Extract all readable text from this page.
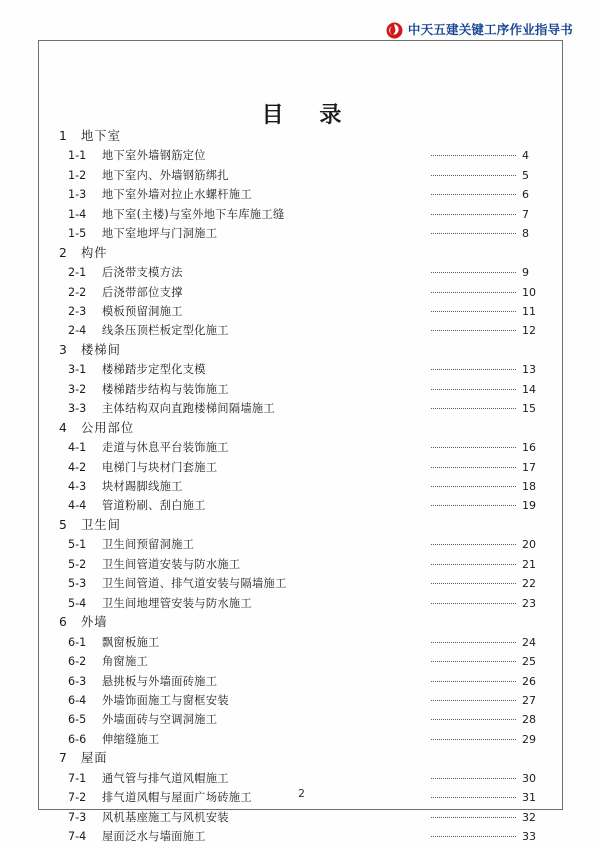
中天五建关键工序作业指导书
目 录
1 地下室
1-1	地下室外墙钢筋定位	4
1-2	地下室内、外墙钢筋绑扎	5
1-3	地下室外墙对拉止水螺杆施工	6
1-4	地下室(主楼)与室外地下车库施工缝	7
1-5	地下室地坪与门洞施工	8
2 构件
2-1	后浇带支模方法	9
2-2	后浇带部位支撑	10
2-3	模板预留洞施工	11
2-4	线条压顶栏板定型化施工	12
3 楼梯间
3-1	楼梯踏步定型化支模	13
3-2	楼梯踏步结构与装饰施工	14
3-3	主体结构双向直跑楼梯间隔墙施工	15
4 公用部位
4-1	走道与休息平台装饰施工	16
4-2	电梯门与块材门套施工	17
4-3	块材踢脚线施工	18
4-4	管道粉刷、刮白施工	19
5 卫生间
5-1	卫生间预留洞施工	20
5-2	卫生间管道安装与防水施工	21
5-3	卫生间管道、排气道安装与隔墙施工	22
5-4	卫生间地埋管安装与防水施工	23
6 外墙
6-1	飘窗板施工	24
6-2	角窗施工	25
6-3	悬挑板与外墙面砖施工	26
6-4	外墙饰面施工与窗框安装	27
6-5	外墙面砖与空调洞施工	28
6-6	伸缩缝施工	29
7 屋面
7-1	通气管与排气道风帽施工	30
7-2	排气道风帽与屋面广场砖施工	31
7-3	风机基座施工与风机安装	32
7-4	屋面泛水与墙面施工	33
2
